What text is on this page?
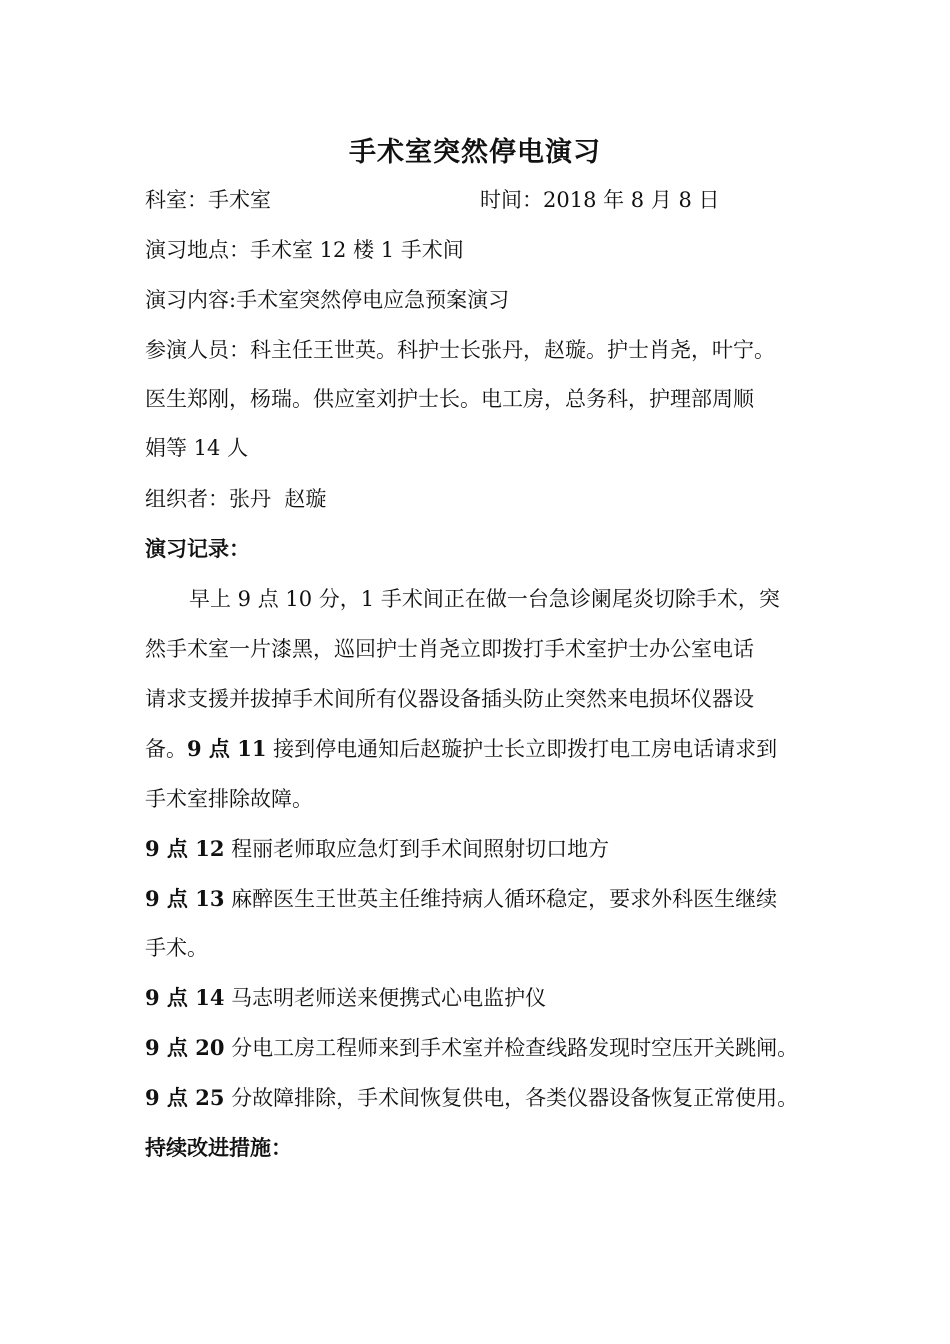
手术室突然停电演习
科室：手术室	时间：2018 年 8 月 8 日
演习地点：手术室 12 楼 1 手术间
演习内容:手术室突然停电应急预案演习
参演人员：科主任王世英。科护士长张丹，赵璇。护士肖尧，叶宁。
医生郑刚，杨瑞。供应室刘护士长。电工房，总务科，护理部周顺
娟等 14 人
组织者：张丹  赵璇
演习记录：
早上 9 点 10 分，1 手术间正在做一台急诊阑尾炎切除手术，突
然手术室一片漆黑，巡回护士肖尧立即拨打手术室护士办公室电话
请求支援并拔掉手术间所有仪器设备插头防止突然来电损坏仪器设
备。9 点 11 接到停电通知后赵璇护士长立即拨打电工房电话请求到
手术室排除故障。
9 点 12 程丽老师取应急灯到手术间照射切口地方
9 点 13 麻醉医生王世英主任维持病人循环稳定，要求外科医生继续
手术。
9 点 14 马志明老师送来便携式心电监护仪
9 点 20 分电工房工程师来到手术室并检查线路发现时空压开关跳闸。
9 点 25 分故障排除，手术间恢复供电，各类仪器设备恢复正常使用。
持续改进措施：
